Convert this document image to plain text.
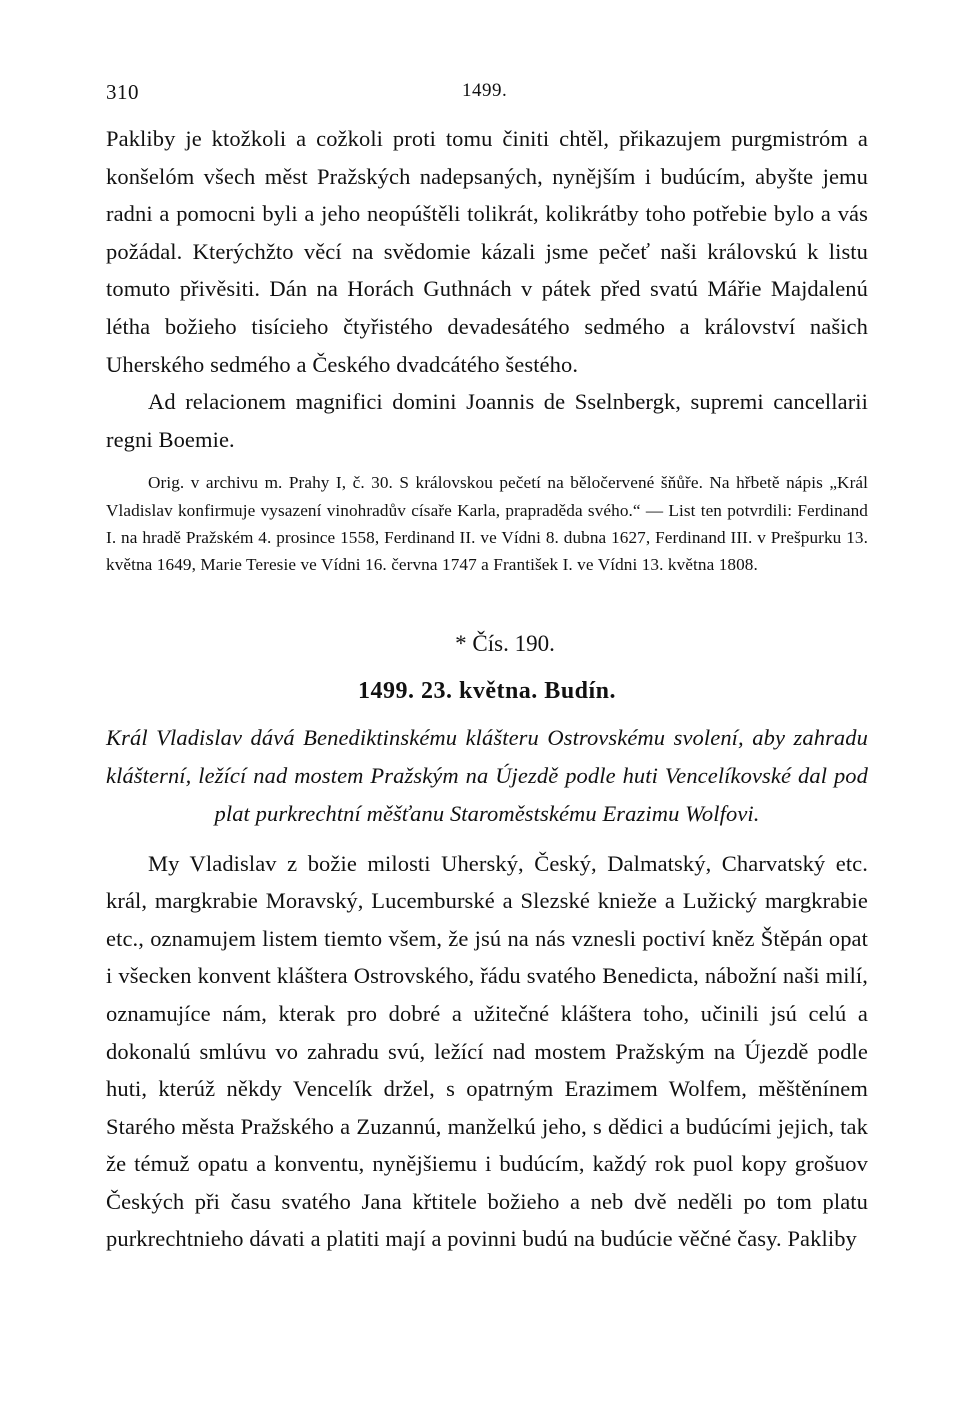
310	1499.

Pakliby je ktožkoli a cožkoli proti tomu činiti chtěl, přikazujem purgmistróm a konšelóm všech měst Pražských nadepsaných, nynějším i budúcím, abyšte jemu radni a pomocni byli a jeho neopúštěli tolikrát, kolikrátby toho potřebie bylo a vás požádal. Kterýchžto věcí na svědomie kázali jsme pečeť naši královskú k listu tomuto přivěsiti. Dán na Horách Guthnách v pátek před svatú Mářie Majdalenú létha božieho tisícieho čtyřistého devadesátého sedmého a království našich Uherského sedmého a Českého dvadcátého šestého.

Ad relacionem magnifici domini Joannis de Sselnbergk, supremi cancellarii regni Boemie.

Orig. v archivu m. Prahy I, č. 30. S královskou pečetí na běločervené šňůře. Na hřbetě nápis „Král Vladislav konfirmuje vysazení vinohradův císaře Karla, prapraděda svého.“ — List ten potvrdili: Ferdinand I. na hradě Pražském 4. prosince 1558, Ferdinand II. ve Vídni 8. dubna 1627, Ferdinand III. v Prešpurku 13. května 1649, Marie Teresie ve Vídni 16. června 1747 a František I. ve Vídni 13. května 1808.

* Čís. 190.
1499. 23. května. Budín.
Král Vladislav dává Benediktinskému klášteru Ostrovskému svolení, aby zahradu klášterní, ležící nad mostem Pražským na Újezdě podle huti Vencelíkovské dal pod plat purkrechtní měšťanu Staroměstskému Erazimu Wolfovi.

My Vladislav z božie milosti Uherský, Český, Dalmatský, Charvatský etc. král, margkrabie Moravský, Lucemburské a Slezské knieže a Lužický margkrabie etc., oznamujem listem tiemto všem, že jsú na nás vznesli poctiví kněz Štěpán opat i všecken konvent kláštera Ostrovského, řádu svatého Benedicta, nábožní naši milí, oznamujíce nám, kterak pro dobré a užitečné kláštera toho, učinili jsú celú a dokonalú smlúvu vo zahradu svú, ležící nad mostem Pražským na Újezdě podle huti, kterúž někdy Vencelík držel, s opatrným Erazimem Wolfem, měštěnínem Starého města Pražského a Zuzannú, manželkú jeho, s dědici a budúcími jejich, tak že témuž opatu a konventu, nynějšiemu i budúcím, každý rok puol kopy grošuov Českých při času svatého Jana křtitele božieho a neb dvě neděli po tom platu purkrechtnieho dávati a platiti mají a povinni budú na budúcie věčné časy. Pakliby
